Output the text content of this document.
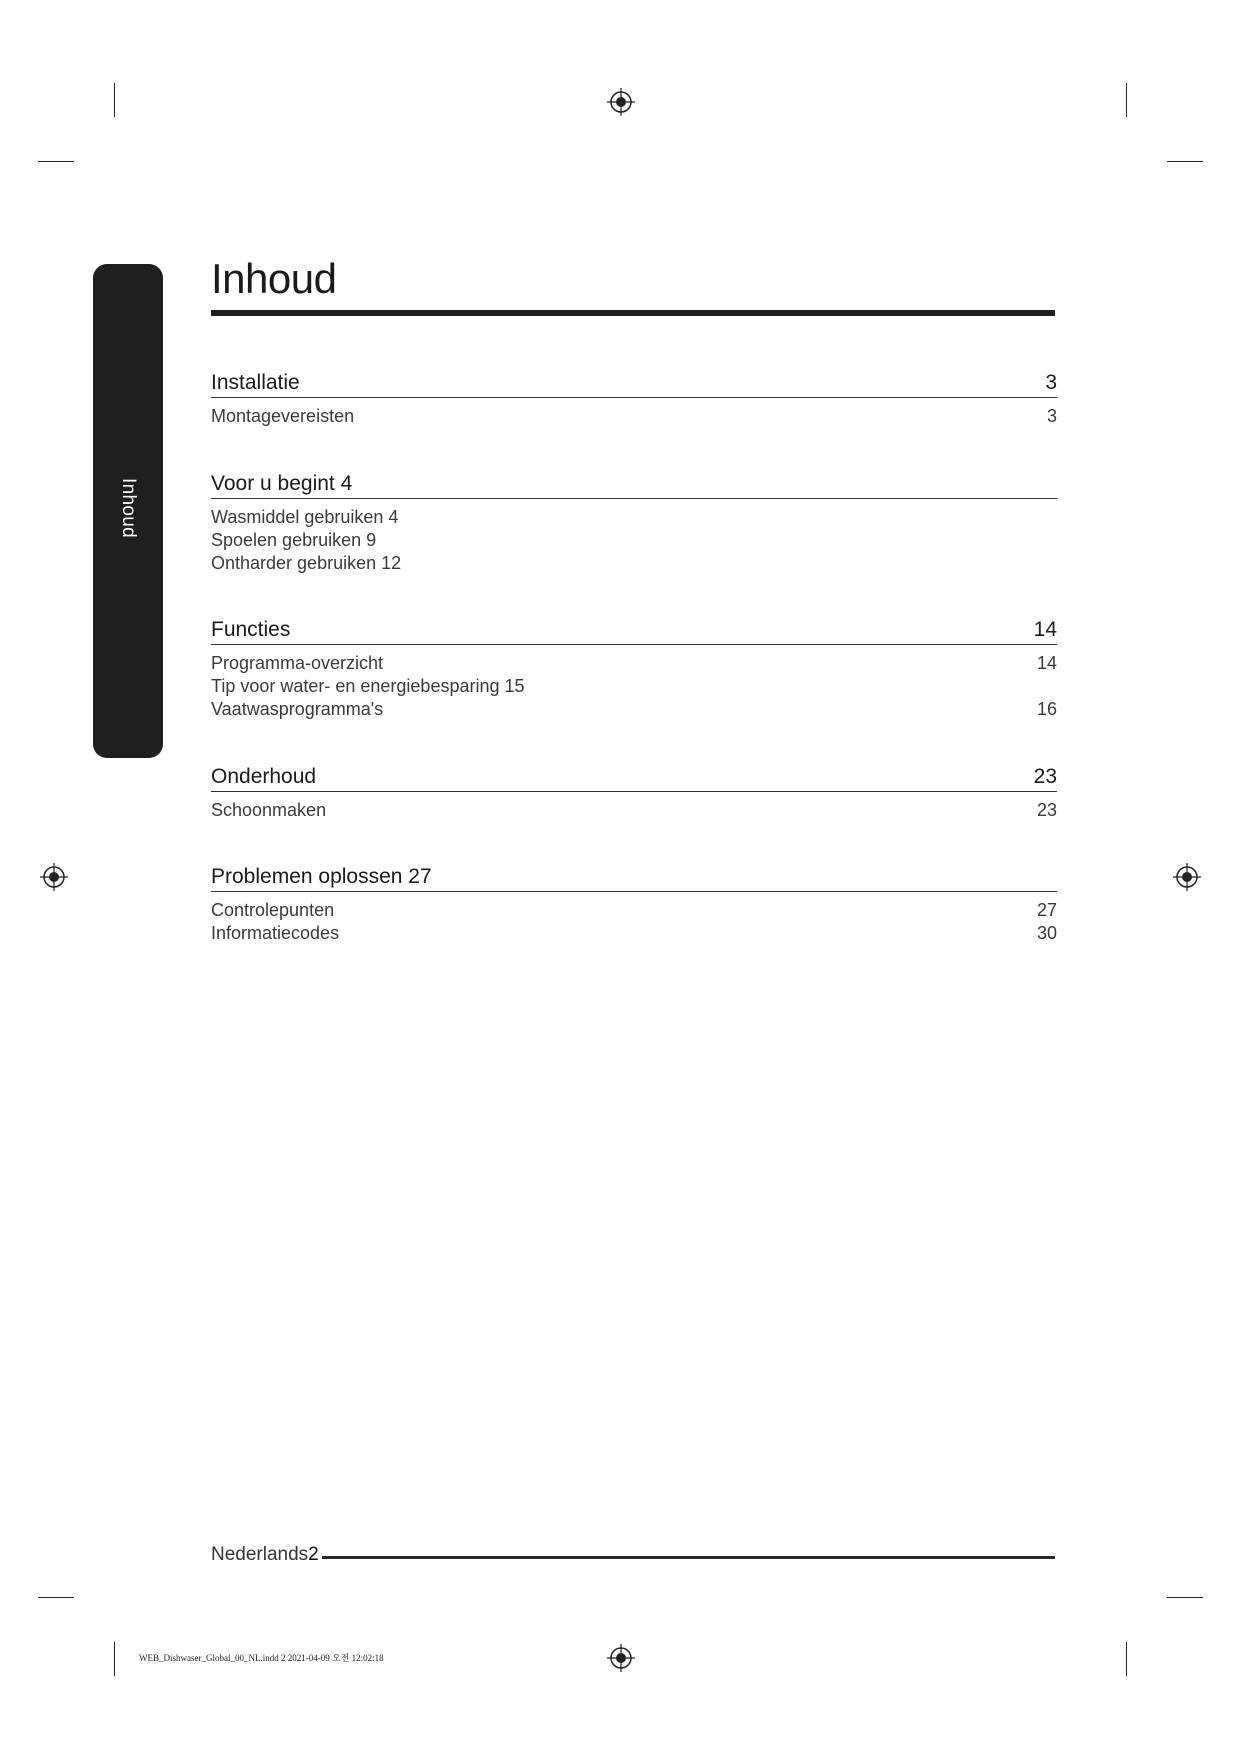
Inhoud
Inhoud
Installatie	3
Montagevereisten	3
Voor u begint 4
Wasmiddel gebruiken 4
Spoelen gebruiken 9
Ontharder gebruiken 12
Functies	14
Programma-overzicht	14
Tip voor water- en energiebesparing 15
Vaatwasprogramma's	16
Onderhoud	23
Schoonmaken	23
Problemen oplossen 27
Controlepunten	27
Informatiecodes	30
Nederlands2
WEB_Dishwaser_Global_00_NL.indd 2 2021-04-09 오전 12:02:18
